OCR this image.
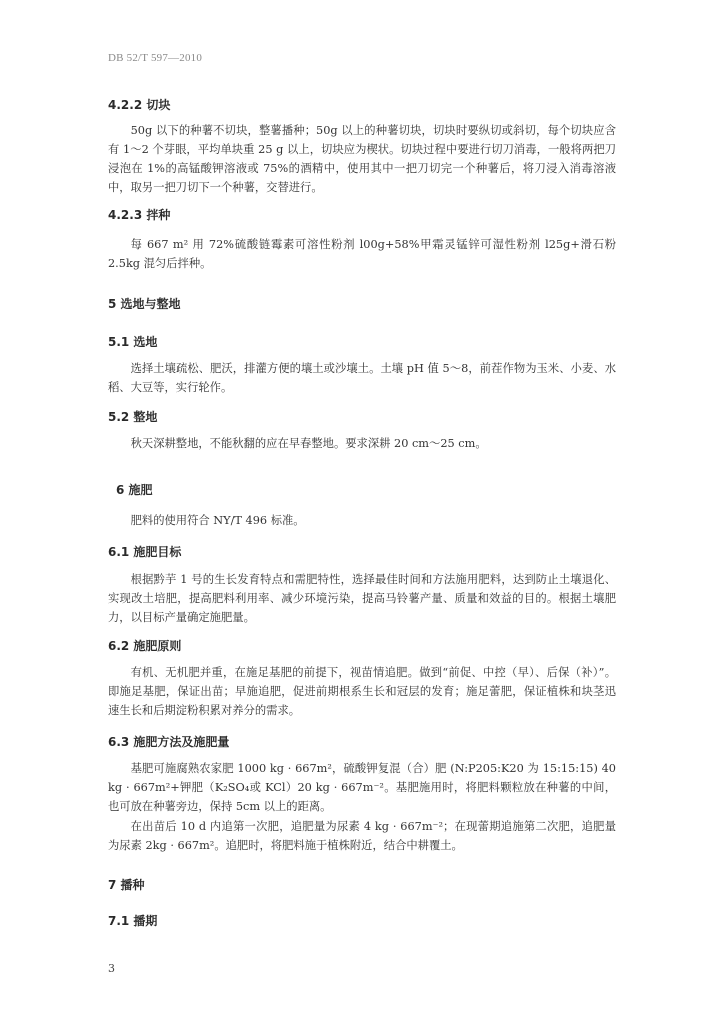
DB 52/T 597—2010
4.2.2 切块
50g 以下的种薯不切块，整薯播种；50g 以上的种薯切块，切块时要纵切或斜切，每个切块应含有 1～2 个芽眼，平均单块重 25 g 以上，切块应为楔状。切块过程中要进行切刀消毒，一般将两把刀浸泡在 1%的高锰酸钾溶液或 75%的酒精中，使用其中一把刀切完一个种薯后，将刀浸入消毒溶液中，取另一把刀切下一个种薯，交替进行。
4.2.3 拌种
每 667 m² 用 72%硫酸链霉素可溶性粉剂 l00g+58%甲霜灵锰锌可湿性粉剂 l25g+滑石粉 2.5kg 混匀后拌种。
5 选地与整地
5.1 选地
选择土壤疏松、肥沃，排灌方便的壤土或沙壤土。土壤 pH 值 5～8，前茬作物为玉米、小麦、水稻、大豆等，实行轮作。
5.2 整地
秋天深耕整地，不能秋翻的应在早春整地。要求深耕 20 cm～25 cm。
6 施肥
肥料的使用符合 NY/T 496 标准。
6.1 施肥目标
根据黔芋 1 号的生长发育特点和需肥特性，选择最佳时间和方法施用肥料，达到防止土壤退化、实现改土培肥，提高肥料利用率、减少环境污染，提高马铃薯产量、质量和效益的目的。根据土壤肥力，以目标产量确定施肥量。
6.2 施肥原则
有机、无机肥并重，在施足基肥的前提下，视苗情追肥。做到“前促、中控（早）、后保（补）”。即施足基肥，保证出苗；早施追肥，促进前期根系生长和冠层的发育；施足蕾肥，保证植株和块茎迅速生长和后期淀粉积累对养分的需求。
6.3 施肥方法及施肥量
基肥可施腐熟农家肥 1000 kg · 667m²，硫酸钾复混（合）肥 (N:P205:K20 为 15:15:15) 40 kg · 667m²+钾肥（K₂SO₄或 KCl）20 kg · 667m⁻²。基肥施用时，将肥料颗粒放在种薯的中间，也可放在种薯旁边，保持 5cm 以上的距离。
在出苗后 10 d 内追第一次肥，追肥量为尿素 4 kg · 667m⁻²；在现蕾期追施第二次肥，追肥量为尿素 2kg · 667m²。追肥时，将肥料施于植株附近，结合中耕覆土。
7 播种
7.1 播期
3
